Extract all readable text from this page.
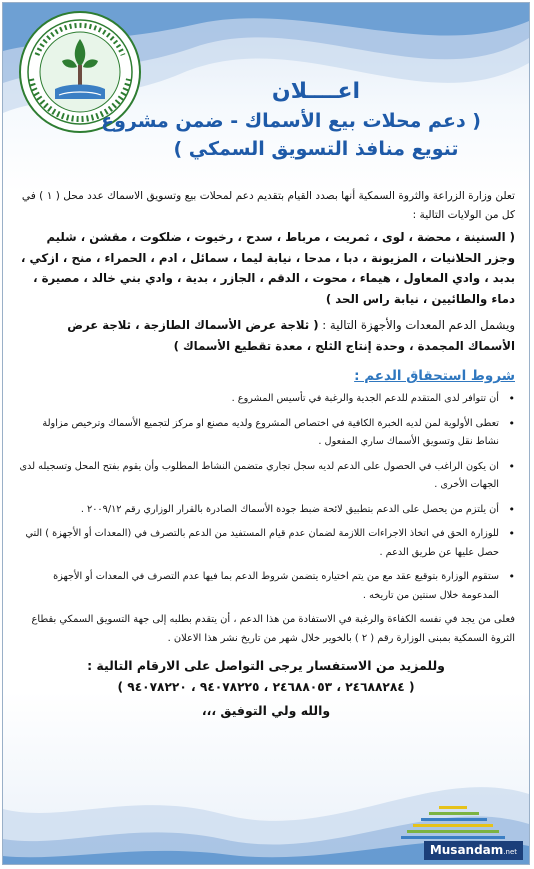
اعــــلان
( دعم محلات بيع الأسماك - ضمن مشروع
تنويع منافذ التسويق السمكي )

تعلن وزارة الزراعة والثروة السمكية أنها بصدد القيام بتقديم دعم لمحلات بيع وتسويق الاسماك عدد محل ( ١ ) في كل من الولايات التالية :

( السنينة ، محضة ، لوى ، ثمريت ، مرباط ، سدح ، رخيوت ، ضلكوت ، مقشن ، شليم وجزر الحلانيات ، المزيونة ، دبا ، مدحا ، نيابة ليما ، سمائل ، ادم ، الحمراء ، منح ، ازكي ، بدبد ، وادي المعاول ، هيماء ، محوت ، الدقم ، الجازر ، بدية ، وادي بني خالد ، مصيرة ، دماء والطائيين ، نيابة راس الحد )

ويشمل الدعم المعدات والأجهزة التالية : ( ثلاجة عرض الأسماك الطازجة ، ثلاجة عرض الأسماك المجمدة ، وحدة إنتاج الثلج ، معدة تقطيع الأسماك )

شروط استحقاق الدعم :
•
أن تتوافر لدى المتقدم للدعم الجدية والرغبة في تأسيس المشروع .
•
تعطى الأولوية لمن لديه الخبرة الكافية في اختصاص المشروع ولديه مصنع او مركز لتجميع الأسماك وترخيص مزاولة نشاط نقل وتسويق الأسماك ساري المفعول .
•
ان يكون الراغب في الحصول على الدعم لديه سجل تجاري متضمن النشاط المطلوب وأن يقوم بفتح المحل وتسجيله لدى الجهات الأخرى .
•
أن يلتزم من يحصل على الدعم بتطبيق لائحة ضبط جودة الأسماك الصادرة بالقرار الوزاري رقم ٢٠٠٩/١٢ .
•
للوزارة الحق في اتخاذ الاجراءات اللازمة لضمان عدم قيام المستفيد من الدعم بالتصرف في (المعدات أو الأجهزة ) التي حصل عليها عن طريق الدعم .
•
ستقوم الوزارة بتوقيع عقد مع من يتم اختياره يتضمن شروط الدعم بما فيها عدم التصرف في المعدات أو الأجهزة المدعومة خلال سنتين من تاريخه .

فعلى من يجد في نفسه الكفاءة والرغبة في الاستفادة من هذا الدعم ، أن يتقدم بطلبه إلى جهة التسويق السمكي بقطاع الثروة السمكية بمبنى الوزارة رقم ( ٢ ) بالخوير خلال شهر من تاريخ نشر هذا الاعلان .

وللمزيد من الاستفسار يرجى التواصل على الارقام التالية :
( ٢٤٦٨٨٢٨٤ ، ٢٤٦٨٨٠٥٣ ، ٩٤٠٧٨٢٢٥ ، ٩٤٠٧٨٢٢٠ )
والله ولي التوفيق ،،،
Musandam.net
